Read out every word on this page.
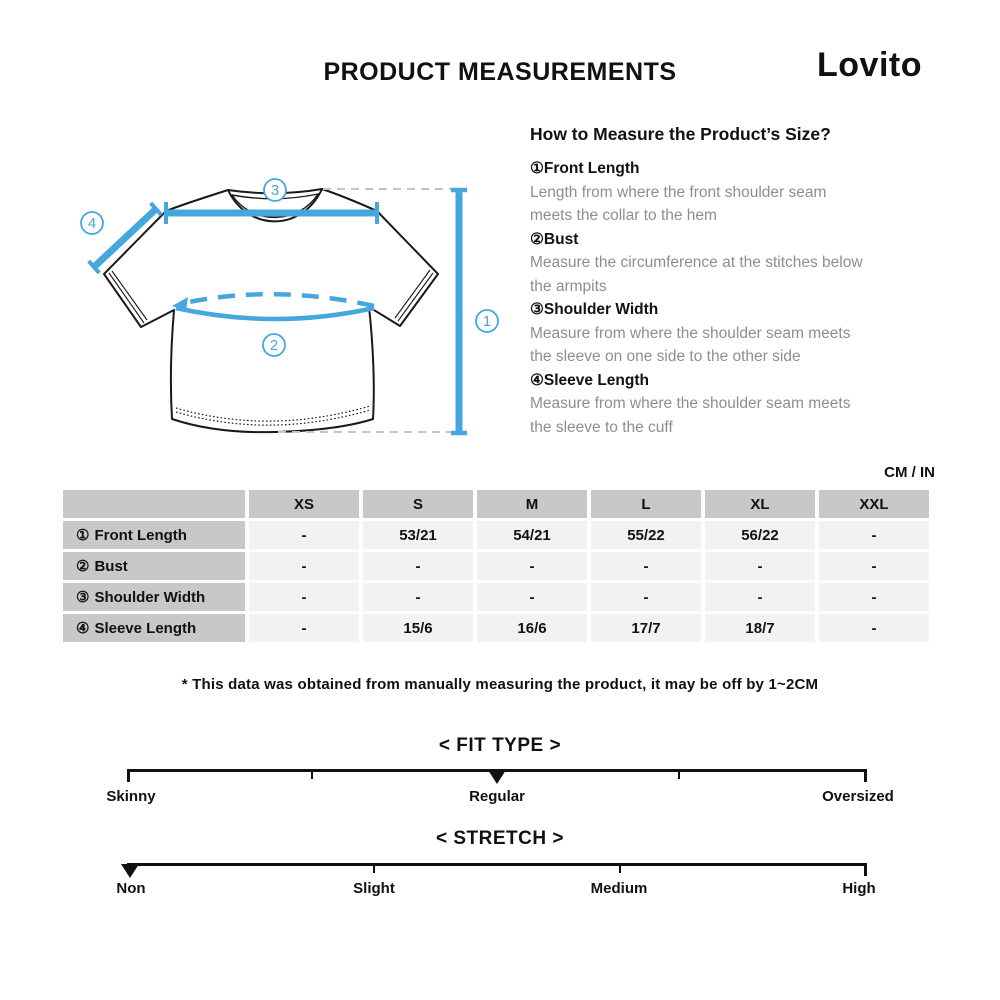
PRODUCT MEASUREMENTS	Lovito
3
4
2
1
How to Measure the Product’s Size?

①Front Length

Length from where the front shoulder seam
meets the collar to the hem

②Bust

Measure the circumference at the stitches below
the armpits

③Shoulder Width

Measure from where the shoulder seam meets
the sleeve on one side to the other side

④Sleeve Length

Measure from where the shoulder seam meets
the sleeve to the cuff

CM / IN
	XS	S	M	L	XL	XXL
① Front Length	-	53/21	54/21	55/22	56/22	-
② Bust	-	-	-	-	-	-
③ Shoulder Width	-	-	-	-	-	-
④ Sleeve Length	-	15/6	16/6	17/7	18/7	-
* This data was obtained from manually measuring the product, it may be off by 1~2CM
< FIT TYPE >
Skinny	Regular	Oversized
< STRETCH >
Non	Slight	Medium	High
